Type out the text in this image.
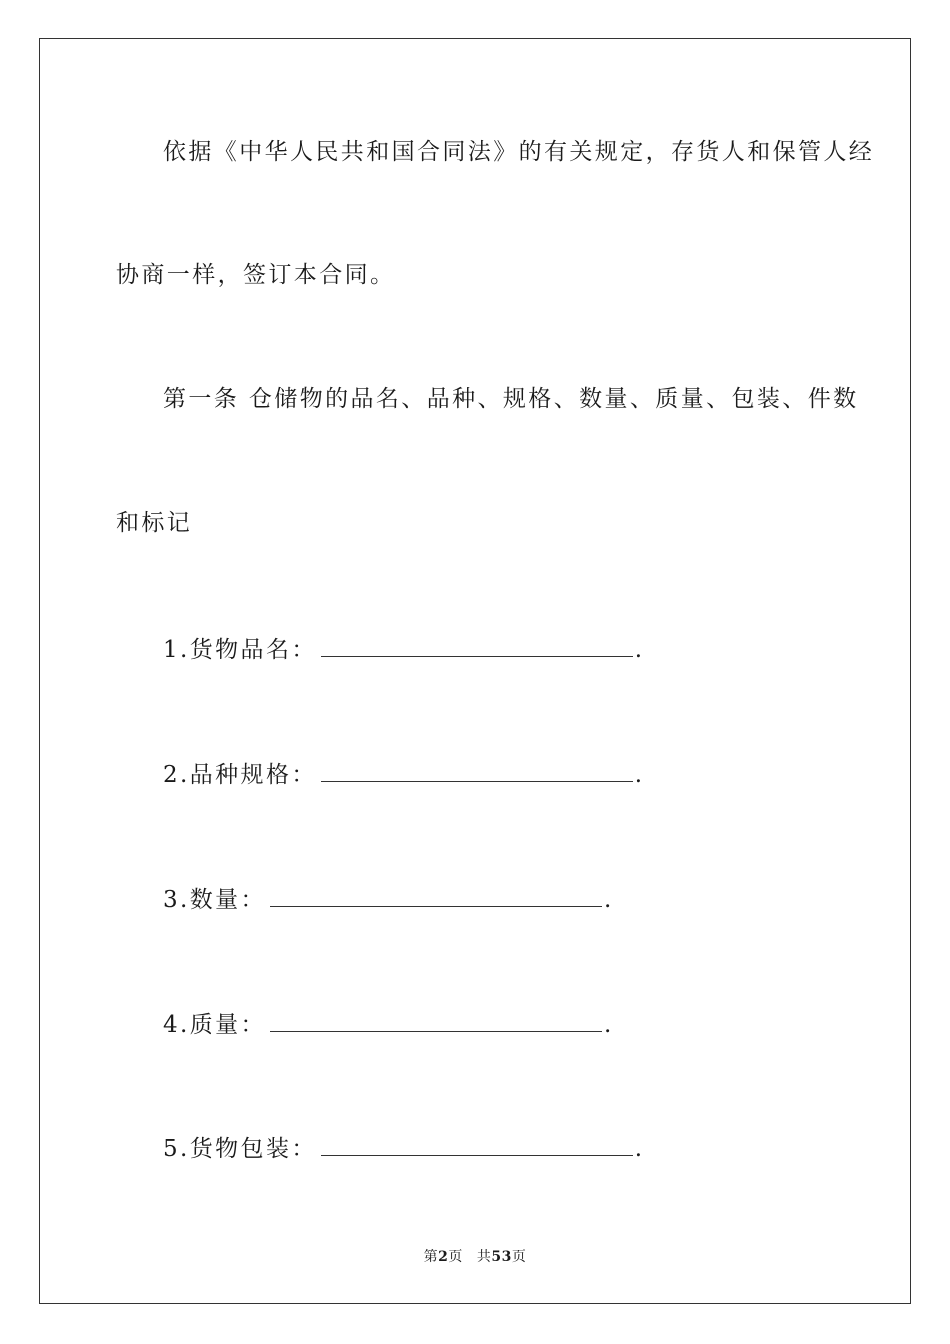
依据《中华人民共和国合同法》的有关规定，存货人和保管人经
协商一样，签订本合同。
第一条 仓储物的品名、品种、规格、数量、质量、包装、件数
和标记
1.货物品名：	.
2.品种规格：	.
3.数量：	.
4.质量：	.
5.货物包装：	.
第2页 共53页
